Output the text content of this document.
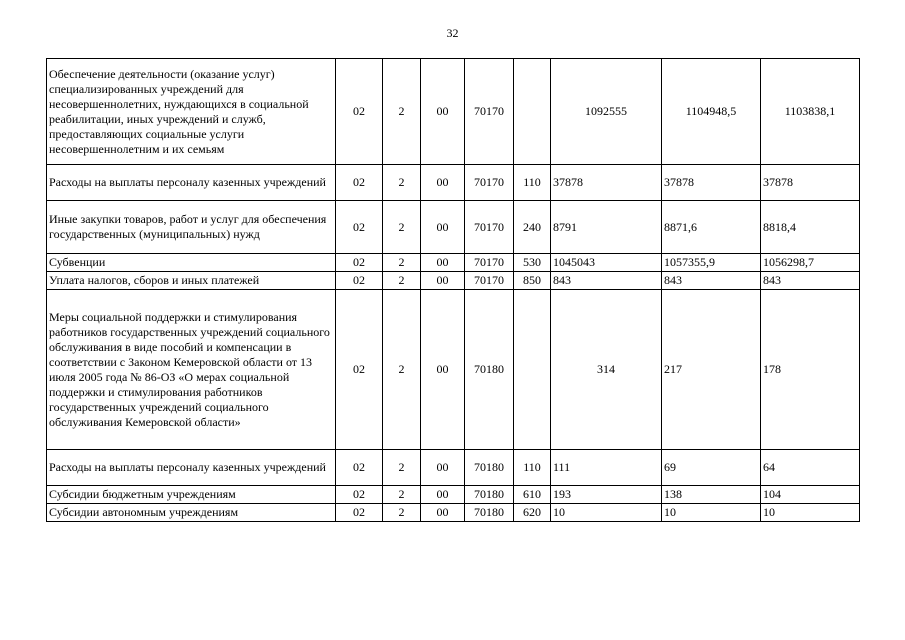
32
Обеспечение деятельности (оказание услуг) специализированных учреждений для несовершеннолетних, нуждающихся в социальной реабилитации, иных учреждений и служб, предоставляющих социальные услуги несовершеннолетним и их семьям	02	2	00	70170		1092555	1104948,5	1103838,1
Расходы на выплаты персоналу казенных учреждений	02	2	00	70170	110	37878	37878	37878
Иные закупки товаров, работ и услуг для обеспечения государственных (муниципальных) нужд	02	2	00	70170	240	8791	8871,6	8818,4
Субвенции	02	2	00	70170	530	1045043	1057355,9	1056298,7
Уплата налогов, сборов и иных платежей	02	2	00	70170	850	843	843	843
Меры социальной поддержки и стимулирования работников государственных учреждений социального обслуживания в виде пособий и компенсации в соответствии с Законом Кемеровской области от 13 июля 2005 года № 86-ОЗ «О мерах социальной поддержки и стимулирования работников государственных учреждений социального обслуживания Кемеровской области»	02	2	00	70180		314	217	178
Расходы на выплаты персоналу казенных учреждений	02	2	00	70180	110	111	69	64
Субсидии бюджетным учреждениям	02	2	00	70180	610	193	138	104
Субсидии автономным учреждениям	02	2	00	70180	620	10	10	10
